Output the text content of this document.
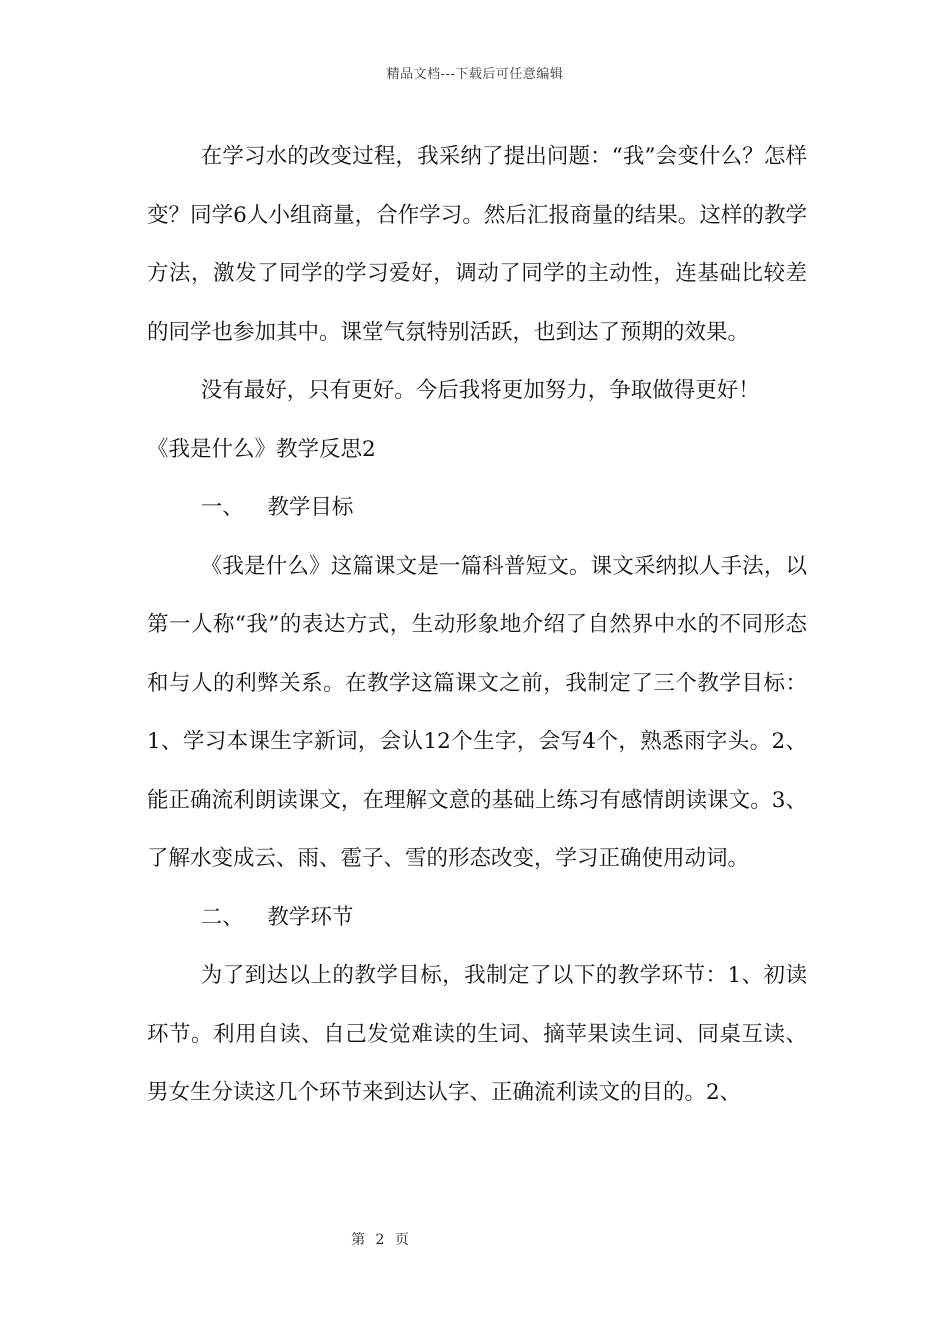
精品文档---下载后可任意编辑

在学习水的改变过程，我采纳了提出问题：“我”会变什么？怎样变？同学6人小组商量，合作学习。然后汇报商量的结果。这样的教学方法，激发了同学的学习爱好，调动了同学的主动性，连基础比较差的同学也参加其中。课堂气氛特别活跃，也到达了预期的效果。

没有最好，只有更好。今后我将更加努力，争取做得更好！

《我是什么》教学反思2

一、 教学目标

《我是什么》这篇课文是一篇科普短文。课文采纳拟人手法，以第一人称“我”的表达方式，生动形象地介绍了自然界中水的不同形态和与人的利弊关系。在教学这篇课文之前，我制定了三个教学目标：1、学习本课生字新词，会认12个生字，会写4个，熟悉雨字头。2、能正确流利朗读课文，在理解文意的基础上练习有感情朗读课文。3、了解水变成云、雨、雹子、雪的形态改变，学习正确使用动词。

二、 教学环节

为了到达以上的教学目标，我制定了以下的教学环节：1、初读环节。利用自读、自己发觉难读的生词、摘苹果读生词、同桌互读、男女生分读这几个环节来到达认字、正确流利读文的目的。2、

第 2 页
